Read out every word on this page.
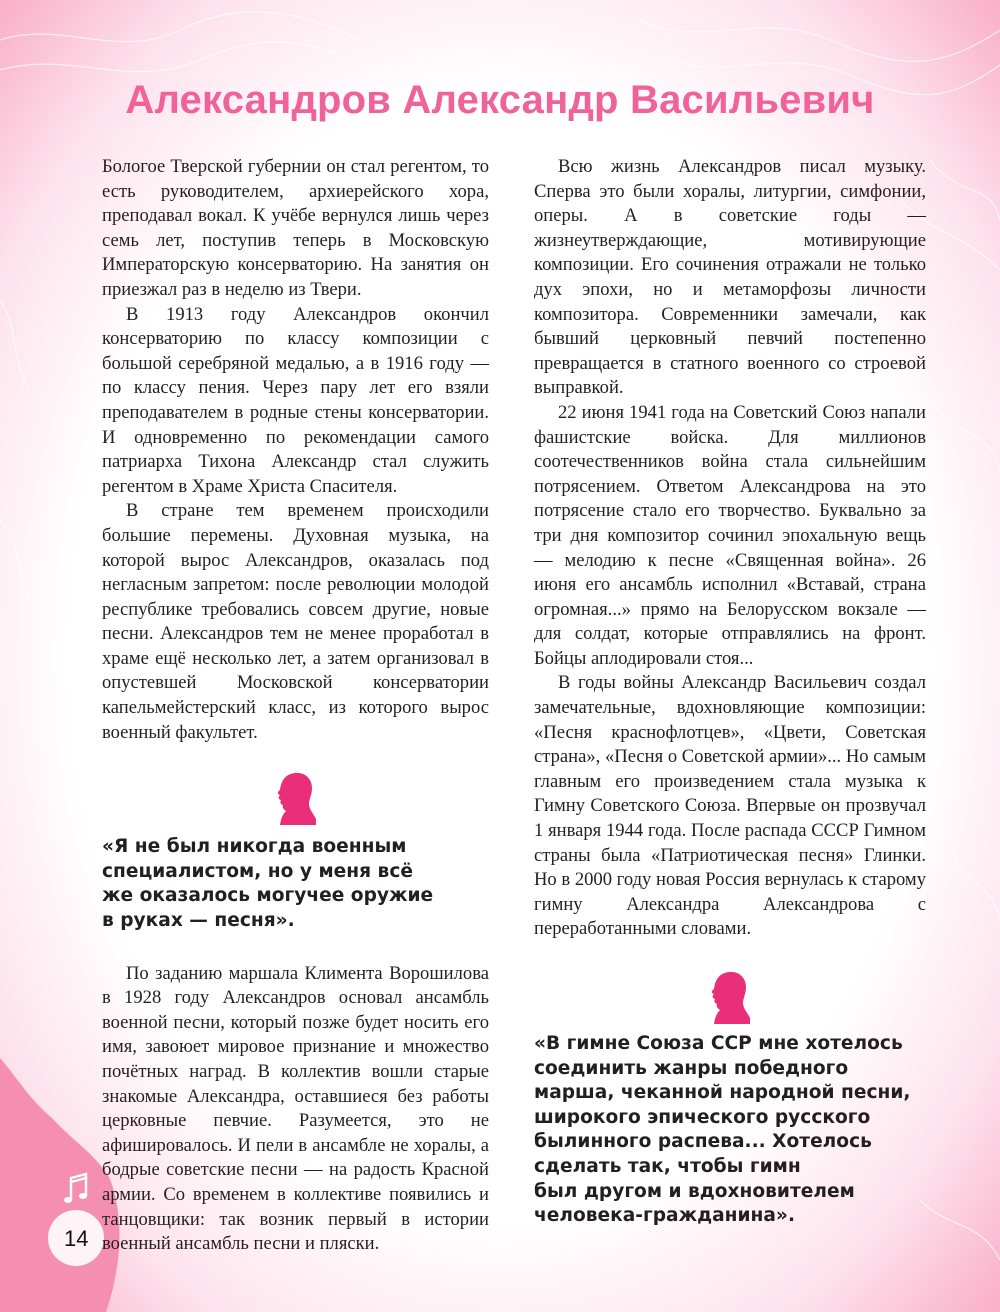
Александров Александр Васильевич

Бологое Тверской губернии он стал регентом, то есть руководителем, архиерейского хора, преподавал вокал. К учёбе вернулся лишь через семь лет, поступив теперь в Московскую Императорскую консерваторию. На занятия он приезжал раз в неделю из Твери.

В 1913 году Александров окончил консерваторию по классу композиции с большой серебряной медалью, а в 1916 году — по классу пения. Через пару лет его взяли преподавателем в родные стены консерватории. И одновременно по рекомендации самого патриарха Тихона Александр стал служить регентом в Храме Христа Спасителя.

В стране тем временем происходили большие перемены. Духовная музыка, на которой вырос Александров, оказалась под негласным запретом: после революции молодой республике требовались совсем другие, новые песни. Александров тем не менее проработал в храме ещё несколько лет, а затем организовал в опустевшей Московской консерватории капельмейстерский класс, из которого вырос военный факультет.

«Я не был никогда военным

специалистом, но у меня всё

же оказалось могучее оружие

в руках — песня».

По заданию маршала Климента Ворошилова в 1928 году Александров основал ансамбль военной песни, который позже будет носить его имя, завоюет мировое признание и множество почётных наград. В коллектив вошли старые знакомые Александра, оставшиеся без работы церковные певчие. Разумеется, это не афишировалось. И пели в ансамбле не хоралы, а бодрые советские песни — на радость Красной армии. Со временем в коллективе появились и танцовщики: так возник первый в истории военный ансамбль песни и пляски.

Всю жизнь Александров писал музыку. Сперва это были хоралы, литургии, симфонии, оперы. А в советские годы — жизнеутверждающие, мотивирующие композиции. Его сочинения отражали не только дух эпохи, но и метаморфозы личности композитора. Современники замечали, как бывший церковный певчий постепенно превращается в статного военного со строевой выправкой.

22 июня 1941 года на Советский Союз напали фашистские войска. Для миллионов соотечественников война стала сильнейшим потрясением. Ответом Александрова на это потрясение стало его творчество. Буквально за три дня композитор сочинил эпохальную вещь — мелодию к песне «Священная война». 26 июня его ансамбль исполнил «Вставай, страна огромная...» прямо на Белорусском вокзале — для солдат, которые отправлялись на фронт. Бойцы аплодировали стоя...

В годы войны Александр Васильевич создал замечательные, вдохновляющие композиции: «Песня краснофлотцев», «Цвети, Советская страна», «Песня о Советской армии»... Но самым главным его произведением стала музыка к Гимну Советского Союза. Впервые он прозвучал 1 января 1944 года. После распада СССР Гимном страны была «Патриотическая песня» Глинки. Но в 2000 году новая Россия вернулась к старому гимну Александра Александрова с переработанными словами.

«В гимне Союза ССР мне хотелось

соединить жанры победного

марша, чеканной народной песни,

широкого эпического русского

былинного распева... Хотелось

сделать так, чтобы гимн

был другом и вдохновителем

человека-гражданина».

14
